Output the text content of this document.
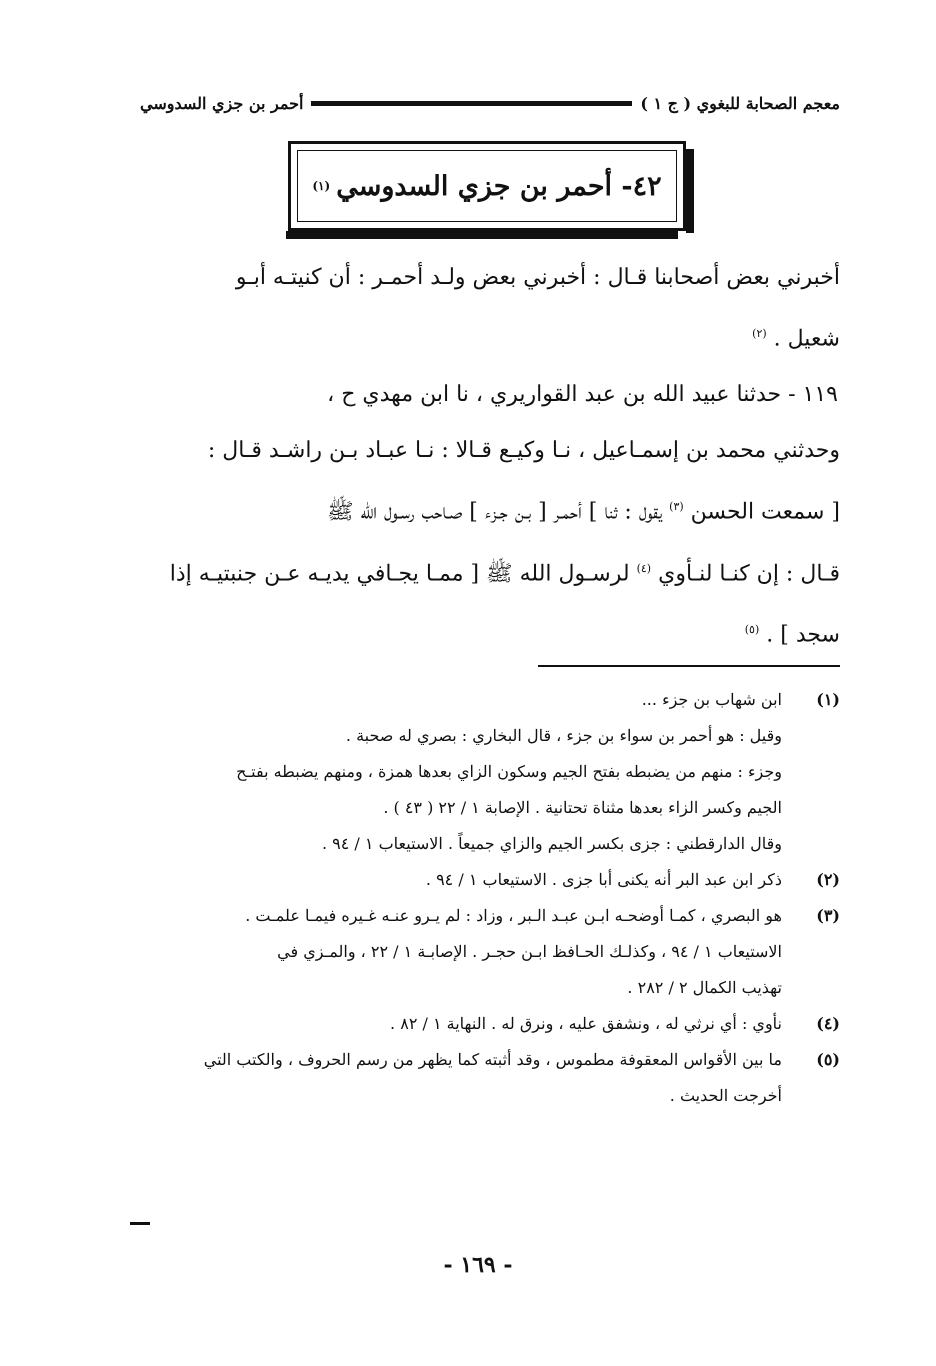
معجم الصحابة للبغوي ( ج ١ )
أحمر بن جزي السدوسي
٤٢- أحمر بن جزي السدوسي
(١)

أخبرني بعض أصحابنا قـال : أخبرني بعض ولـد أحمـر : أن كنيتـه أبـو

شعيل . $^{(٢)}$

١١٩ - حدثنا عبيد الله بن عبد القواريري ، نا ابن مهدي ح ،

وحدثني محمد بن إسمـاعيل ، نـا وكيـع قـالا : نـا عبـاد بـن راشـد قـال :

[ سمعت الحسن $^{(٣)}$ يقول : ثنا ] أحمـر [ بـن جـزء ] صـاحب رسـول الله ﷺ

قـال : إن كنـا لنـأوي $^{(٤)}$ لرسـول الله ﷺ [ ممـا يجـافي يديـه عـن جنبتيـه إذا

سجد ] . $^{(٥)}$

(١)
ابن شهاب بن جزء ...
وقيل : هو أحمر بن سواء بن جزء ، قال البخاري : بصري له صحبة .
وجزء : منهم من يضبطه بفتح الجيم وسكون الزاي بعدها همزة ، ومنهم يضبطه بفتـح
الجيم وكسر الزاء بعدها مثناة تحتانية . الإصابة ١ / ٢٢ ( ٤٣ ) .
وقال الدارقطني : جزى بكسر الجيم والزاي جميعاً . الاستيعاب ١ / ٩٤ .
(٢)
ذكر ابن عبد البر أنه يكنى أبا جزى . الاستيعاب ١ / ٩٤ .
(٣)
هو البصري ، كمـا أوضحـه ابـن عبـد الـبر ، وزاد : لم يـرو عنـه غـيره فيمـا علمـت .
الاستيعاب ١ / ٩٤ ، وكذلـك الحـافظ ابـن حجـر . الإصابـة ١ / ٢٢ ، والمـزي في
تهذيب الكمال ٢ / ٢٨٢ .
(٤)
نأوي : أي نرثي له ، ونشفق عليه ، ونرق له . النهاية ١ / ٨٢ .
(٥)
ما بين الأقواس المعقوفة مطموس ، وقد أثبته كما يظهر من رسم الحروف ، والكتب التي
أخرجت الحديث .
- ١٦٩ -
